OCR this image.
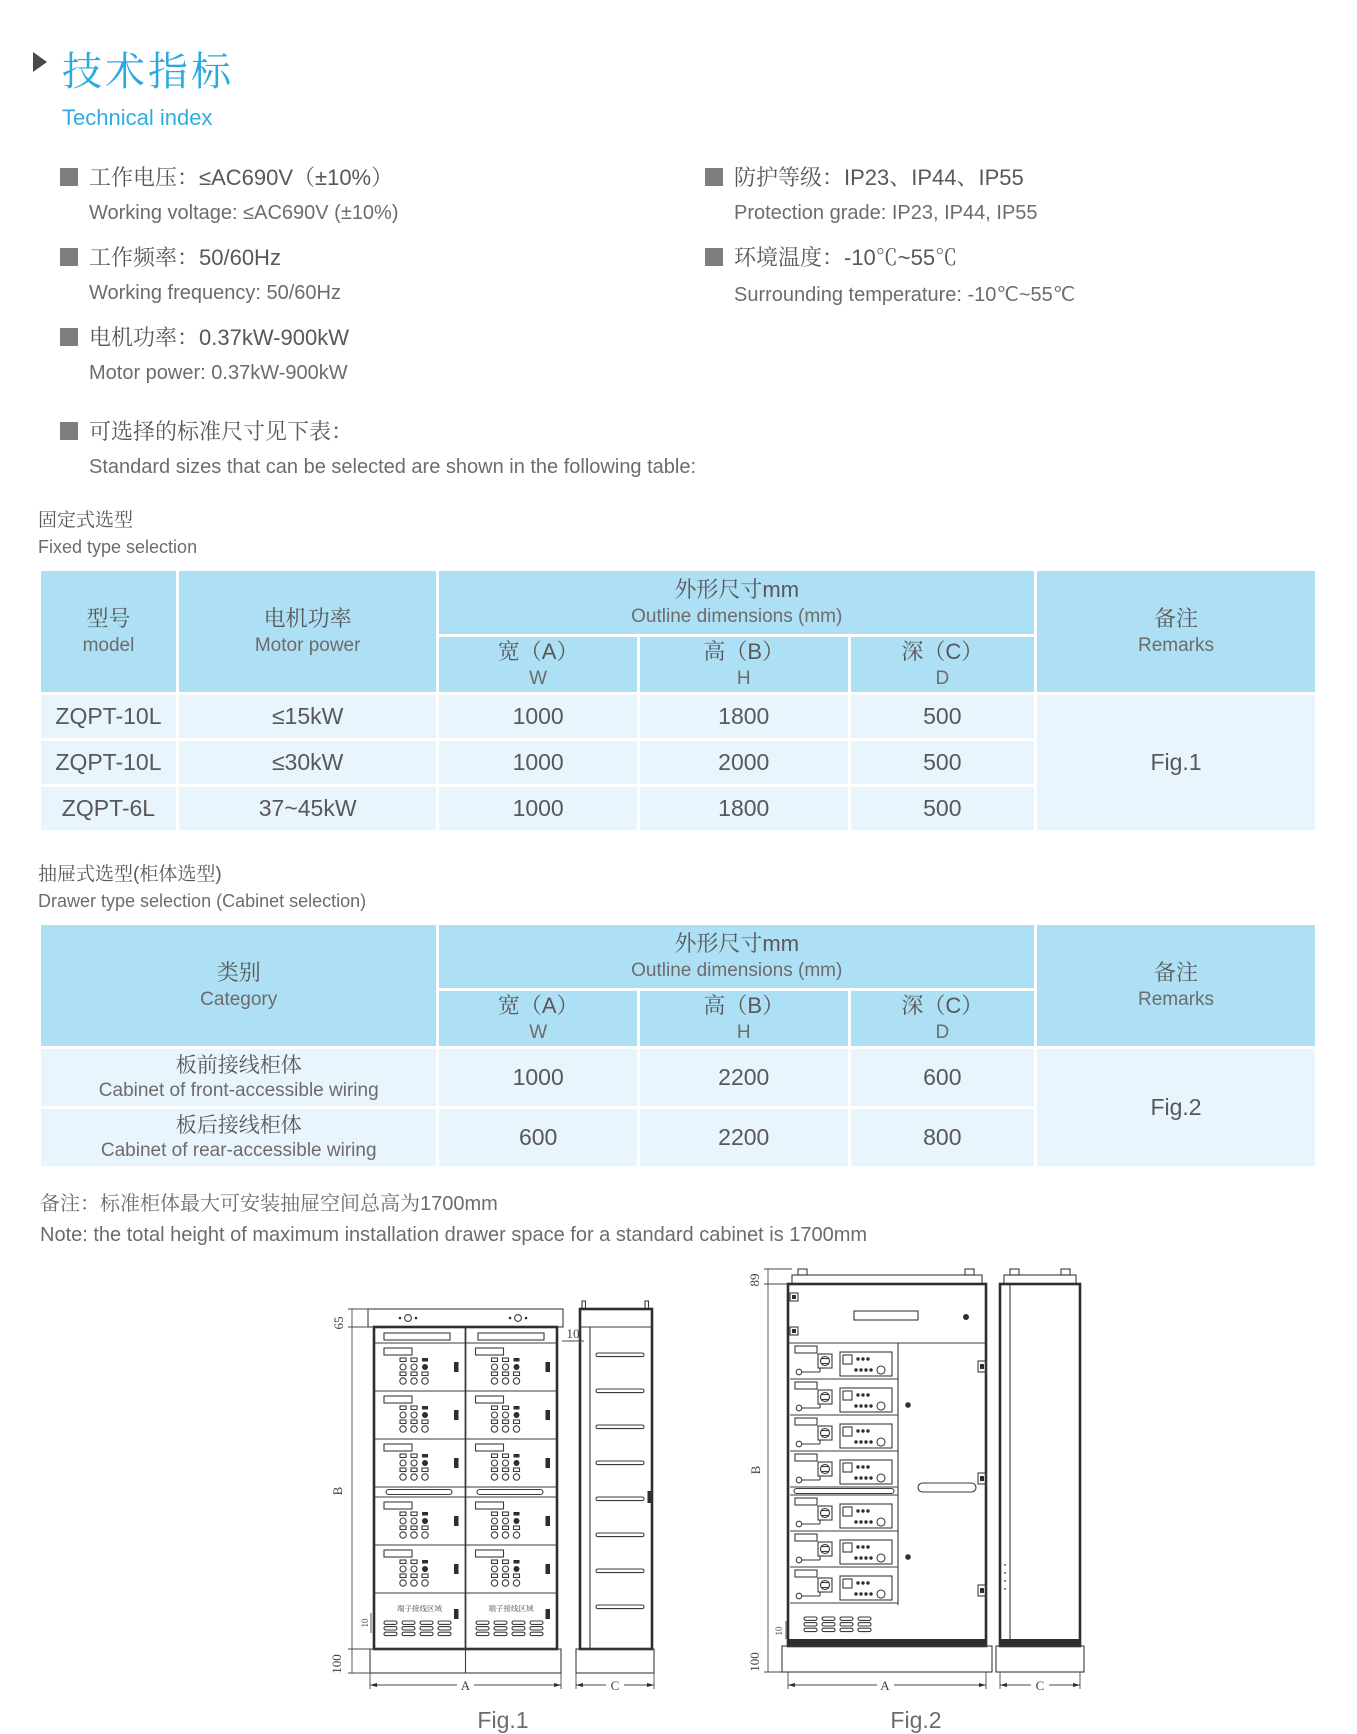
技术指标
Technical index
工作电压：≤AC690V（±10%）
Working voltage: ≤AC690V (±10%)
工作频率：50/60Hz
Working frequency: 50/60Hz
电机功率：0.37kW-900kW
Motor power: 0.37kW-900kW
防护等级：IP23、IP44、IP55
Protection grade: IP23, IP44, IP55
环境温度：-10℃~55℃
Surrounding temperature: -10℃~55℃
可选择的标准尺寸见下表：
Standard sizes that can be selected are shown in the following table:
固定式选型
Fixed type selection
型号
model

电机功率
Motor power

外形尺寸mm
Outline dimensions (mm)	备注
Remarks

宽（A）
W

高（B）
H

深（C）
D

ZQPT-10L	≤15kW	1000	1800	500	Fig.1
ZQPT-10L	≤30kW	1000	2000	500	
ZQPT-6L	37~45kW	1000	1800	500	
抽屉式选型(柜体选型)
Drawer type selection (Cabinet selection)
类别
Category

外形尺寸mm
Outline dimensions (mm)	备注
Remarks

宽（A）
W

高（B）
H

深（C）
D

板前接线柜体
Cabinet of front-accessible wiring	1000	2200	600	Fig.2

板后接线柜体
Cabinet of rear-accessible wiring	600	2200	800	
备注：标准柜体最大可安装抽屉空间总高为1700mm
Note: the total height of maximum installation drawer space for a standard cabinet is 1700mm
端子接线区域	端子接线区域
65
B
100
10
10
A	C
Fig.1
89
B
100
10
A	C
Fig.2
